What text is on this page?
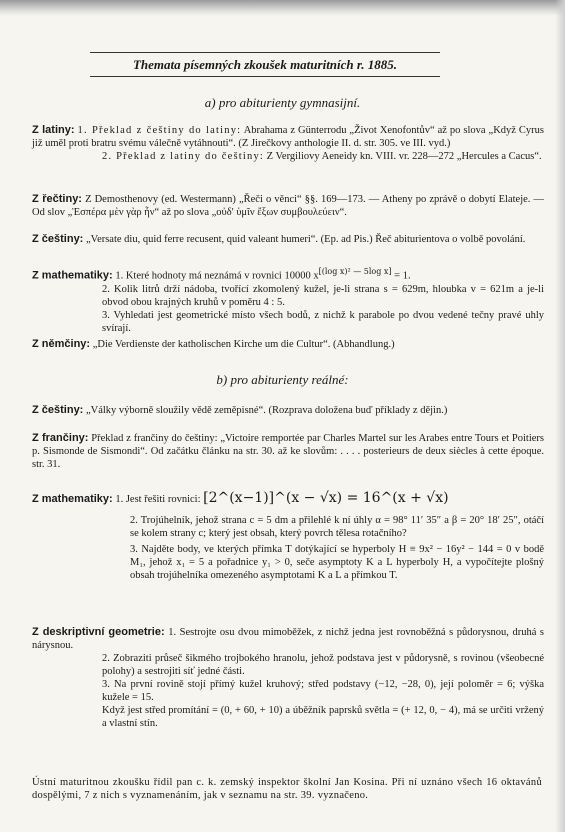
Themata písemných zkoušek maturitních r. 1885.
a) pro abiturienty gymnasijní.

Z latiny: 1. Překlad z češtiny do latiny: Abrahama z Günterrodu „Život Xenofontův“ až po slova „Když Cyrus již uměl proti bratru svému válečně vytáhnouti“. (Z Jirečkovy anthologie II. d. str. 305. ve III. vyd.)

2. Překlad z latiny do češtiny: Z Vergiliovy Aeneidy kn. VIII. vr. 228—272 „Hercules a Cacus“.

Z řečtiny: Z Demosthenovy (ed. Westermann) „Řeči o věnci“ §§. 169—173. — Atheny po zprávě o dobytí Elateje. — Od slov „Ἑσπέρα μὲν γὰρ ἦν“ až po slova „οὐδ' ὑμῖν ἔξων συμβουλεύειν“.

Z češtiny: „Versate diu, quid ferre recusent, quid valeant humeri“. (Ep. ad Pis.) Řeč abiturientova o volbě povolání.

Z mathematiky: 1. Které hodnoty má neznámá v rovnici 10000 x[(log x)² — 5log x] = 1.

2. Kolik litrů drží nádoba, tvořící zkomolený kužel, je-li strana s = 629m, hloubka v = 621m a je-li obvod obou krajných kruhů v poměru 4 : 5.

3. Vyhledati jest geometrické místo všech bodů, z nichž k parabole po dvou vedené tečny pravé uhly svírají.

Z němčiny: „Die Verdienste der katholischen Kirche um die Cultur“. (Abhandlung.)

b) pro abiturienty reálné:

Z češtiny: „Války výborně sloužily vědě zeměpisné“. (Rozprava doložena buď příklady z dějin.)

Z frančiny: Překlad z frančiny do češtiny: „Victoire remportée par Charles Martel sur les Arabes entre Tours et Poitiers p. Sismonde de Sismondi“. Od začátku článku na str. 30. až ke slovům: . . . . posterieurs de deux siècles à cette époque. str. 31.

Z mathematiky: 1. Jest řešiti rovnici: [2^(x−1)]^(x − √x) = 16^(x + √x)

2. Trojúhelník, jehož strana c = 5 dm a přilehlé k ní úhly α = 98° 11′ 35″ a β = 20° 18′ 25″, otáčí se kolem strany c; který jest obsah, který povrch tělesa rotačního?

3. Najděte body, ve kterých přímka T dotýkající se hyperboly H ≡ 9x² − 16y² − 144 = 0 v bodě M₁, jehož x₁ = 5 a pořadnice y₁ > 0, seče asymptoty K a L hyperboly H, a vypočítejte plošný obsah trojúhelníka omezeného asymptotami K a L a přímkou T.

Z deskriptivní geometrie: 1. Sestrojte osu dvou mimoběžek, z nichž jedna jest rovnoběžná s půdorysnou, druhá s nárysnou.

2. Zobraziti průseč šikmého trojbokého hranolu, jehož podstava jest v půdorysně, s rovinou (všeobecné polohy) a sestrojiti síť jedné části.

3. Na první rovině stojí přímý kužel kruhový; střed podstavy (−12, −28, 0), její poloměr = 6; výška kužele = 15.

Když jest střed promítání = (0, + 60, + 10) a úběžník paprsků světla = (+ 12, 0, − 4), má se určiti vržený a vlastní stín.

Ústní maturitnou zkoušku řídil pan c. k. zemský inspektor školní Jan Kosina. Při ní uznáno všech 16 oktavánů dospělými, 7 z nich s vyznamenáním, jak v seznamu na str. 39. vyznačeno.
